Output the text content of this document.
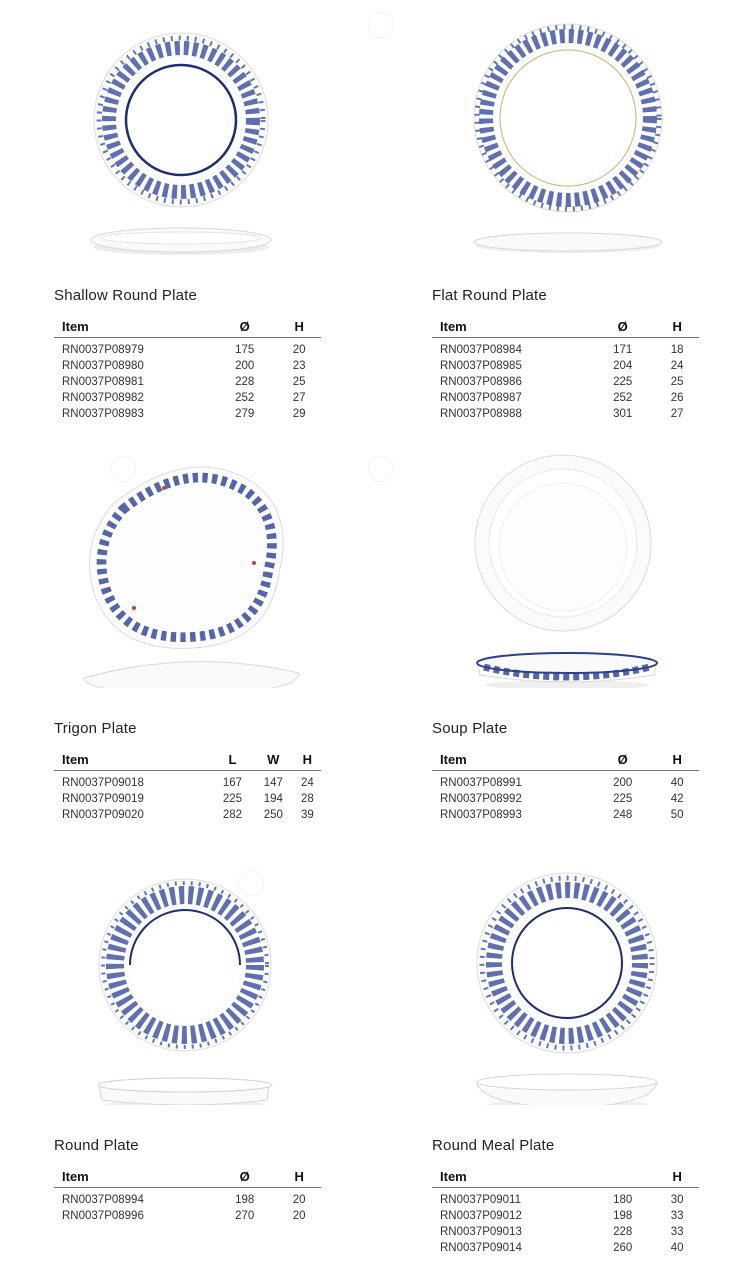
Shallow Round Plate
Item		Ø	H
RN0037P08979		175	20
RN0037P08980		200	23
RN0037P08981		228	25
RN0037P08982		252	27
RN0037P08983		279	29
Flat Round Plate
Item		Ø	H
RN0037P08984		171	18
RN0037P08985		204	24
RN0037P08986		225	25
RN0037P08987		252	26
RN0037P08988		301	27
Trigon Plate
Item	L	W	H
RN0037P09018	167	147	24
RN0037P09019	225	194	28
RN0037P09020	282	250	39
Soup Plate
Item		Ø	H
RN0037P08991		200	40
RN0037P08992		225	42
RN0037P08993		248	50
Round Plate
Item		Ø	H
RN0037P08994		198	20
RN0037P08996		270	20
Round Meal Plate
Item			H
RN0037P09011		180	30
RN0037P09012		198	33
RN0037P09013		228	33
RN0037P09014		260	40
